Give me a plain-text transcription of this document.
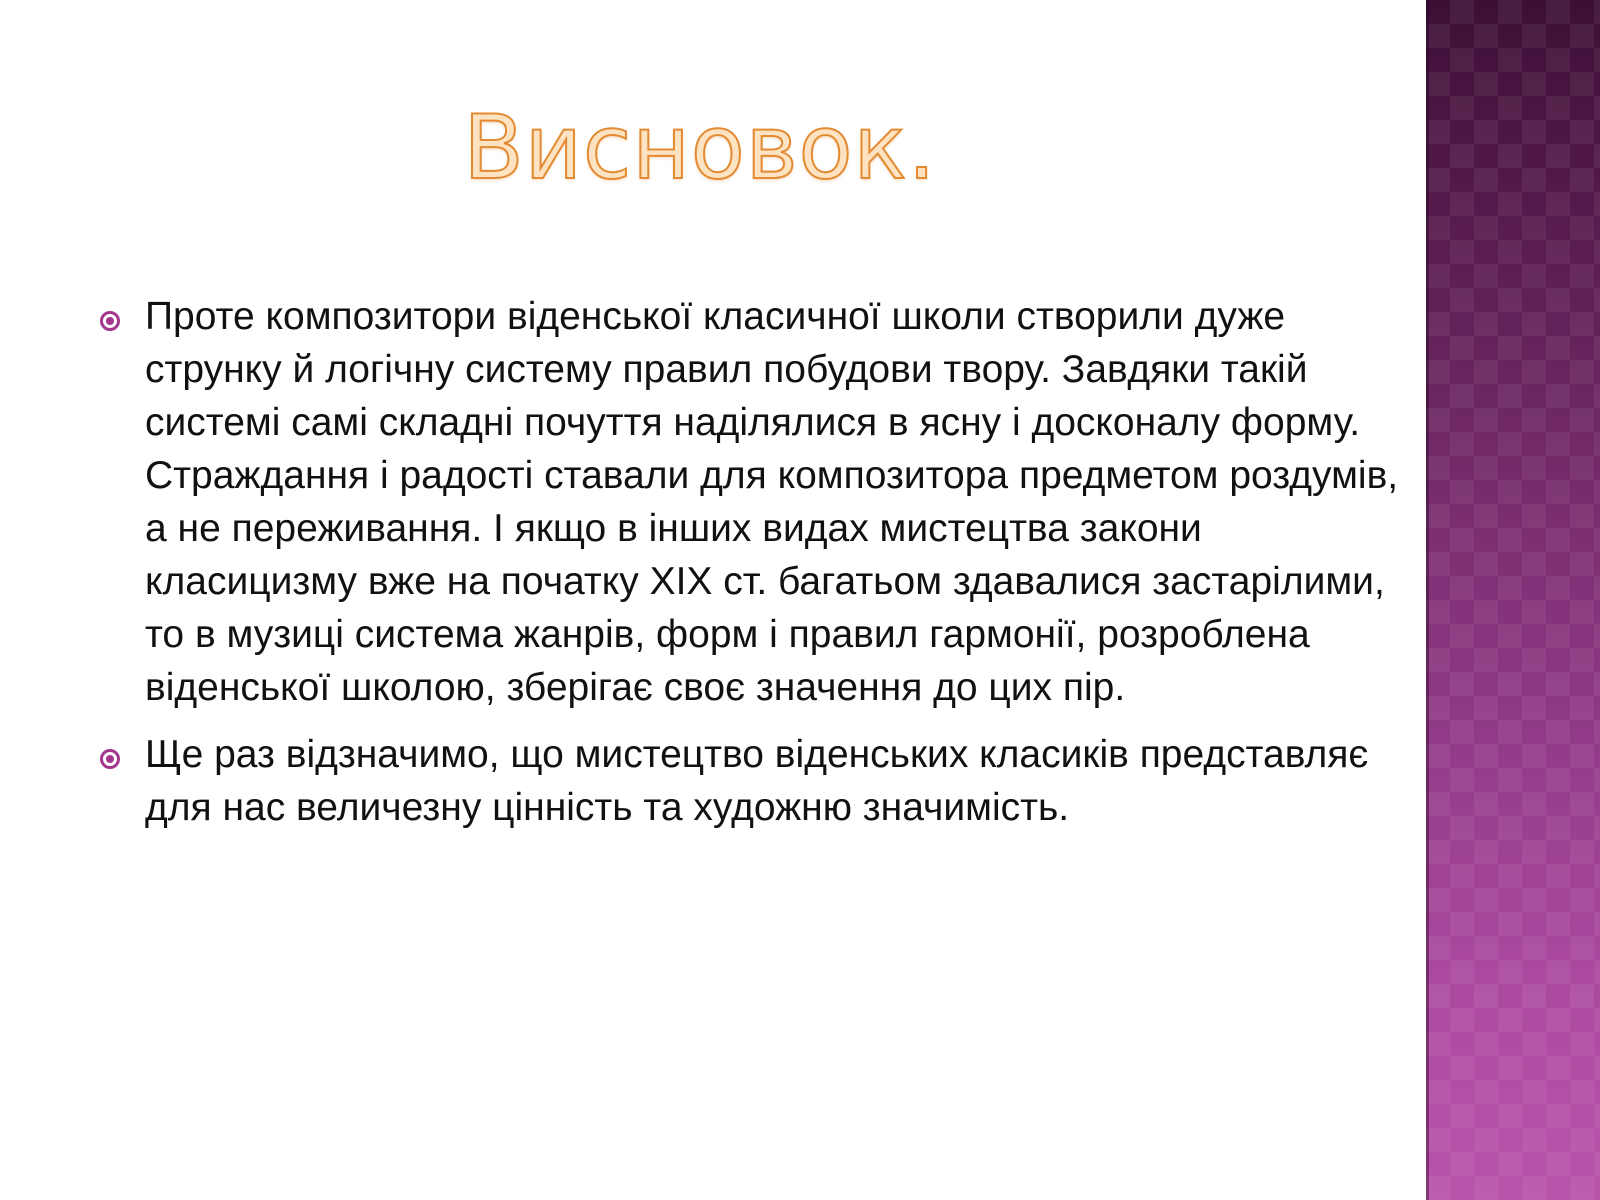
Висновок.
Проте композитори віденської класичної школи створили дуже струнку й логічну систему правил побудови твору. Завдяки такій системі самі складні почуття наділялися в ясну і досконалу форму. Страждання і радості ставали для композитора предметом роздумів, а не переживання. І якщо в інших видах мистецтва закони класицизму вже на початку ХІХ ст. багатьом здавалися застарілими, то в музиці система жанрів, форм і правил гармонії, розроблена віденської школою, зберігає своє значення до цих пір.
Ще раз відзначимо, що мистецтво віденських класиків представляє для нас величезну цінність та художню значимість.
